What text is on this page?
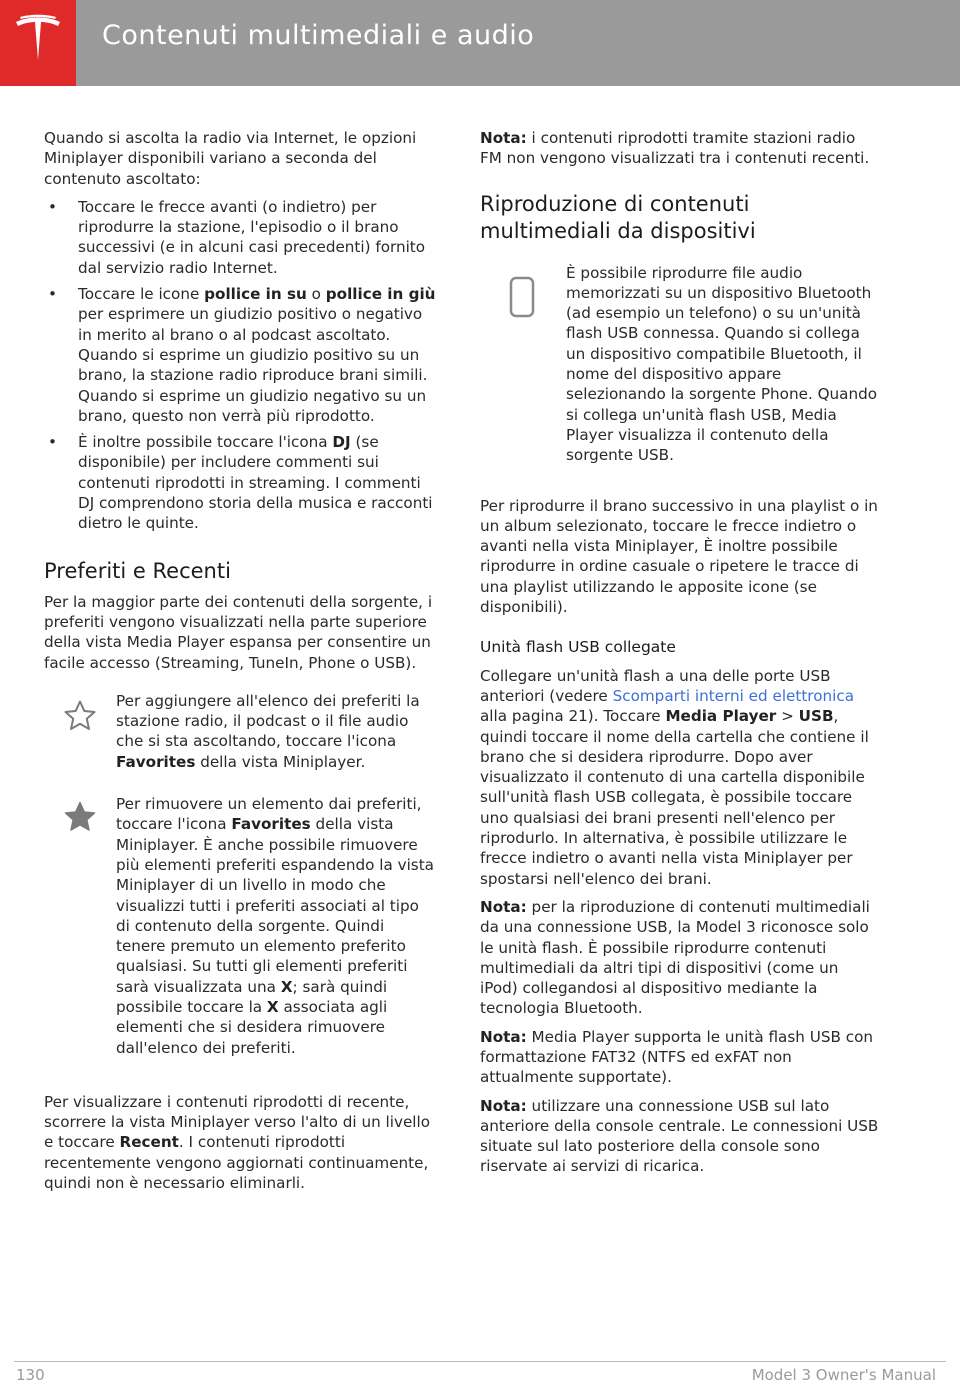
Contenuti multimediali e audio

Quando si ascolta la radio via Internet, le opzioni Miniplayer disponibili variano a seconda del contenuto ascoltato:

• Toccare le frecce avanti (o indietro) per riprodurre la stazione, l'episodio o il brano successivi (e in alcuni casi precedenti) fornito dal servizio radio Internet.
• Toccare le icone pollice in su o pollice in giù per esprimere un giudizio positivo o negativo in merito al brano o al podcast ascoltato. Quando si esprime un giudizio positivo su un brano, la stazione radio riproduce brani simili. Quando si esprime un giudizio negativo su un brano, questo non verrà più riprodotto.
• È inoltre possibile toccare l'icona DJ (se disponibile) per includere commenti sui contenuti riprodotti in streaming. I commenti DJ comprendono storia della musica e racconti dietro le quinte.
Preferiti e Recenti

Per la maggior parte dei contenuti della sorgente, i preferiti vengono visualizzati nella parte superiore della vista Media Player espansa per consentire un facile accesso (Streaming, TuneIn, Phone o USB).

Per aggiungere all'elenco dei preferiti la stazione radio, il podcast o il file audio che si sta ascoltando, toccare l'icona Favorites della vista Miniplayer.

Per rimuovere un elemento dai preferiti, toccare l'icona Favorites della vista Miniplayer. È anche possibile rimuovere più elementi preferiti espandendo la vista Miniplayer di un livello in modo che visualizzi tutti i preferiti associati al tipo di contenuto della sorgente. Quindi tenere premuto un elemento preferito qualsiasi. Su tutti gli elementi preferiti sarà visualizzata una X; sarà quindi possibile toccare la X associata agli elementi che si desidera rimuovere dall'elenco dei preferiti.

Per visualizzare i contenuti riprodotti di recente, scorrere la vista Miniplayer verso l'alto di un livello e toccare Recent. I contenuti riprodotti recentemente vengono aggiornati continuamente, quindi non è necessario eliminarli.

Nota: i contenuti riprodotti tramite stazioni radio FM non vengono visualizzati tra i contenuti recenti.

Riproduzione di contenuti multimediali da dispositivi

È possibile riprodurre file audio memorizzati su un dispositivo Bluetooth (ad esempio un telefono) o su un'unità flash USB connessa. Quando si collega un dispositivo compatibile Bluetooth, il nome del dispositivo appare selezionando la sorgente Phone. Quando si collega un'unità flash USB, Media Player visualizza il contenuto della sorgente USB.

Per riprodurre il brano successivo in una playlist o in un album selezionato, toccare le frecce indietro o avanti nella vista Miniplayer, È inoltre possibile riprodurre in ordine casuale o ripetere le tracce di una playlist utilizzando le apposite icone (se disponibili).

Unità flash USB collegate

Collegare un'unità flash a una delle porte USB anteriori (vedere Scomparti interni ed elettronica alla pagina 21). Toccare Media Player > USB, quindi toccare il nome della cartella che contiene il brano che si desidera riprodurre. Dopo aver visualizzato il contenuto di una cartella disponibile sull'unità flash USB collegata, è possibile toccare uno qualsiasi dei brani presenti nell'elenco per riprodurlo. In alternativa, è possibile utilizzare le frecce indietro o avanti nella vista Miniplayer per spostarsi nell'elenco dei brani.

Nota: per la riproduzione di contenuti multimediali da una connessione USB, la Model 3 riconosce solo le unità flash. È possibile riprodurre contenuti multimediali da altri tipi di dispositivi (come un iPod) collegandosi al dispositivo mediante la tecnologia Bluetooth.

Nota: Media Player supporta le unità flash USB con formattazione FAT32 (NTFS ed exFAT non attualmente supportate).

Nota: utilizzare una connessione USB sul lato anteriore della console centrale. Le connessioni USB situate sul lato posteriore della console sono riservate ai servizi di ricarica.

130	Model 3 Owner's Manual
